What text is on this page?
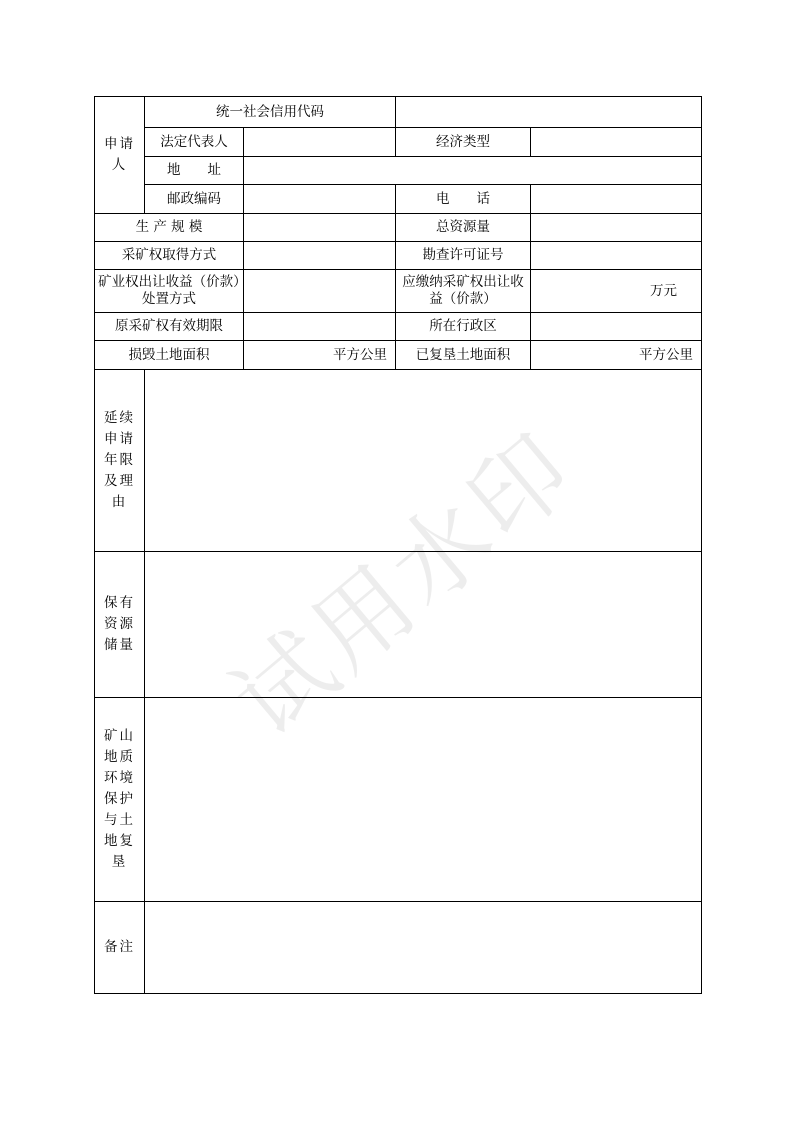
申请人	统一社会信用代码			
	法定代表人		经济类型	
	地　　址			
	邮政编码		电　　话	
生 产 规 模			总资源量	
采矿权取得方式			勘查许可证号	
矿业权出让收益（价款）处置方式			应缴纳采矿权出让收益（价款）	万元
原采矿权有效期限			所在行政区	
损毁土地面积		平方公里	已复垦土地面积	平方公里
延续申请年限及理由				
保有资源储量				
矿山地质环境保护与土地复垦				
备注				
试用水印
